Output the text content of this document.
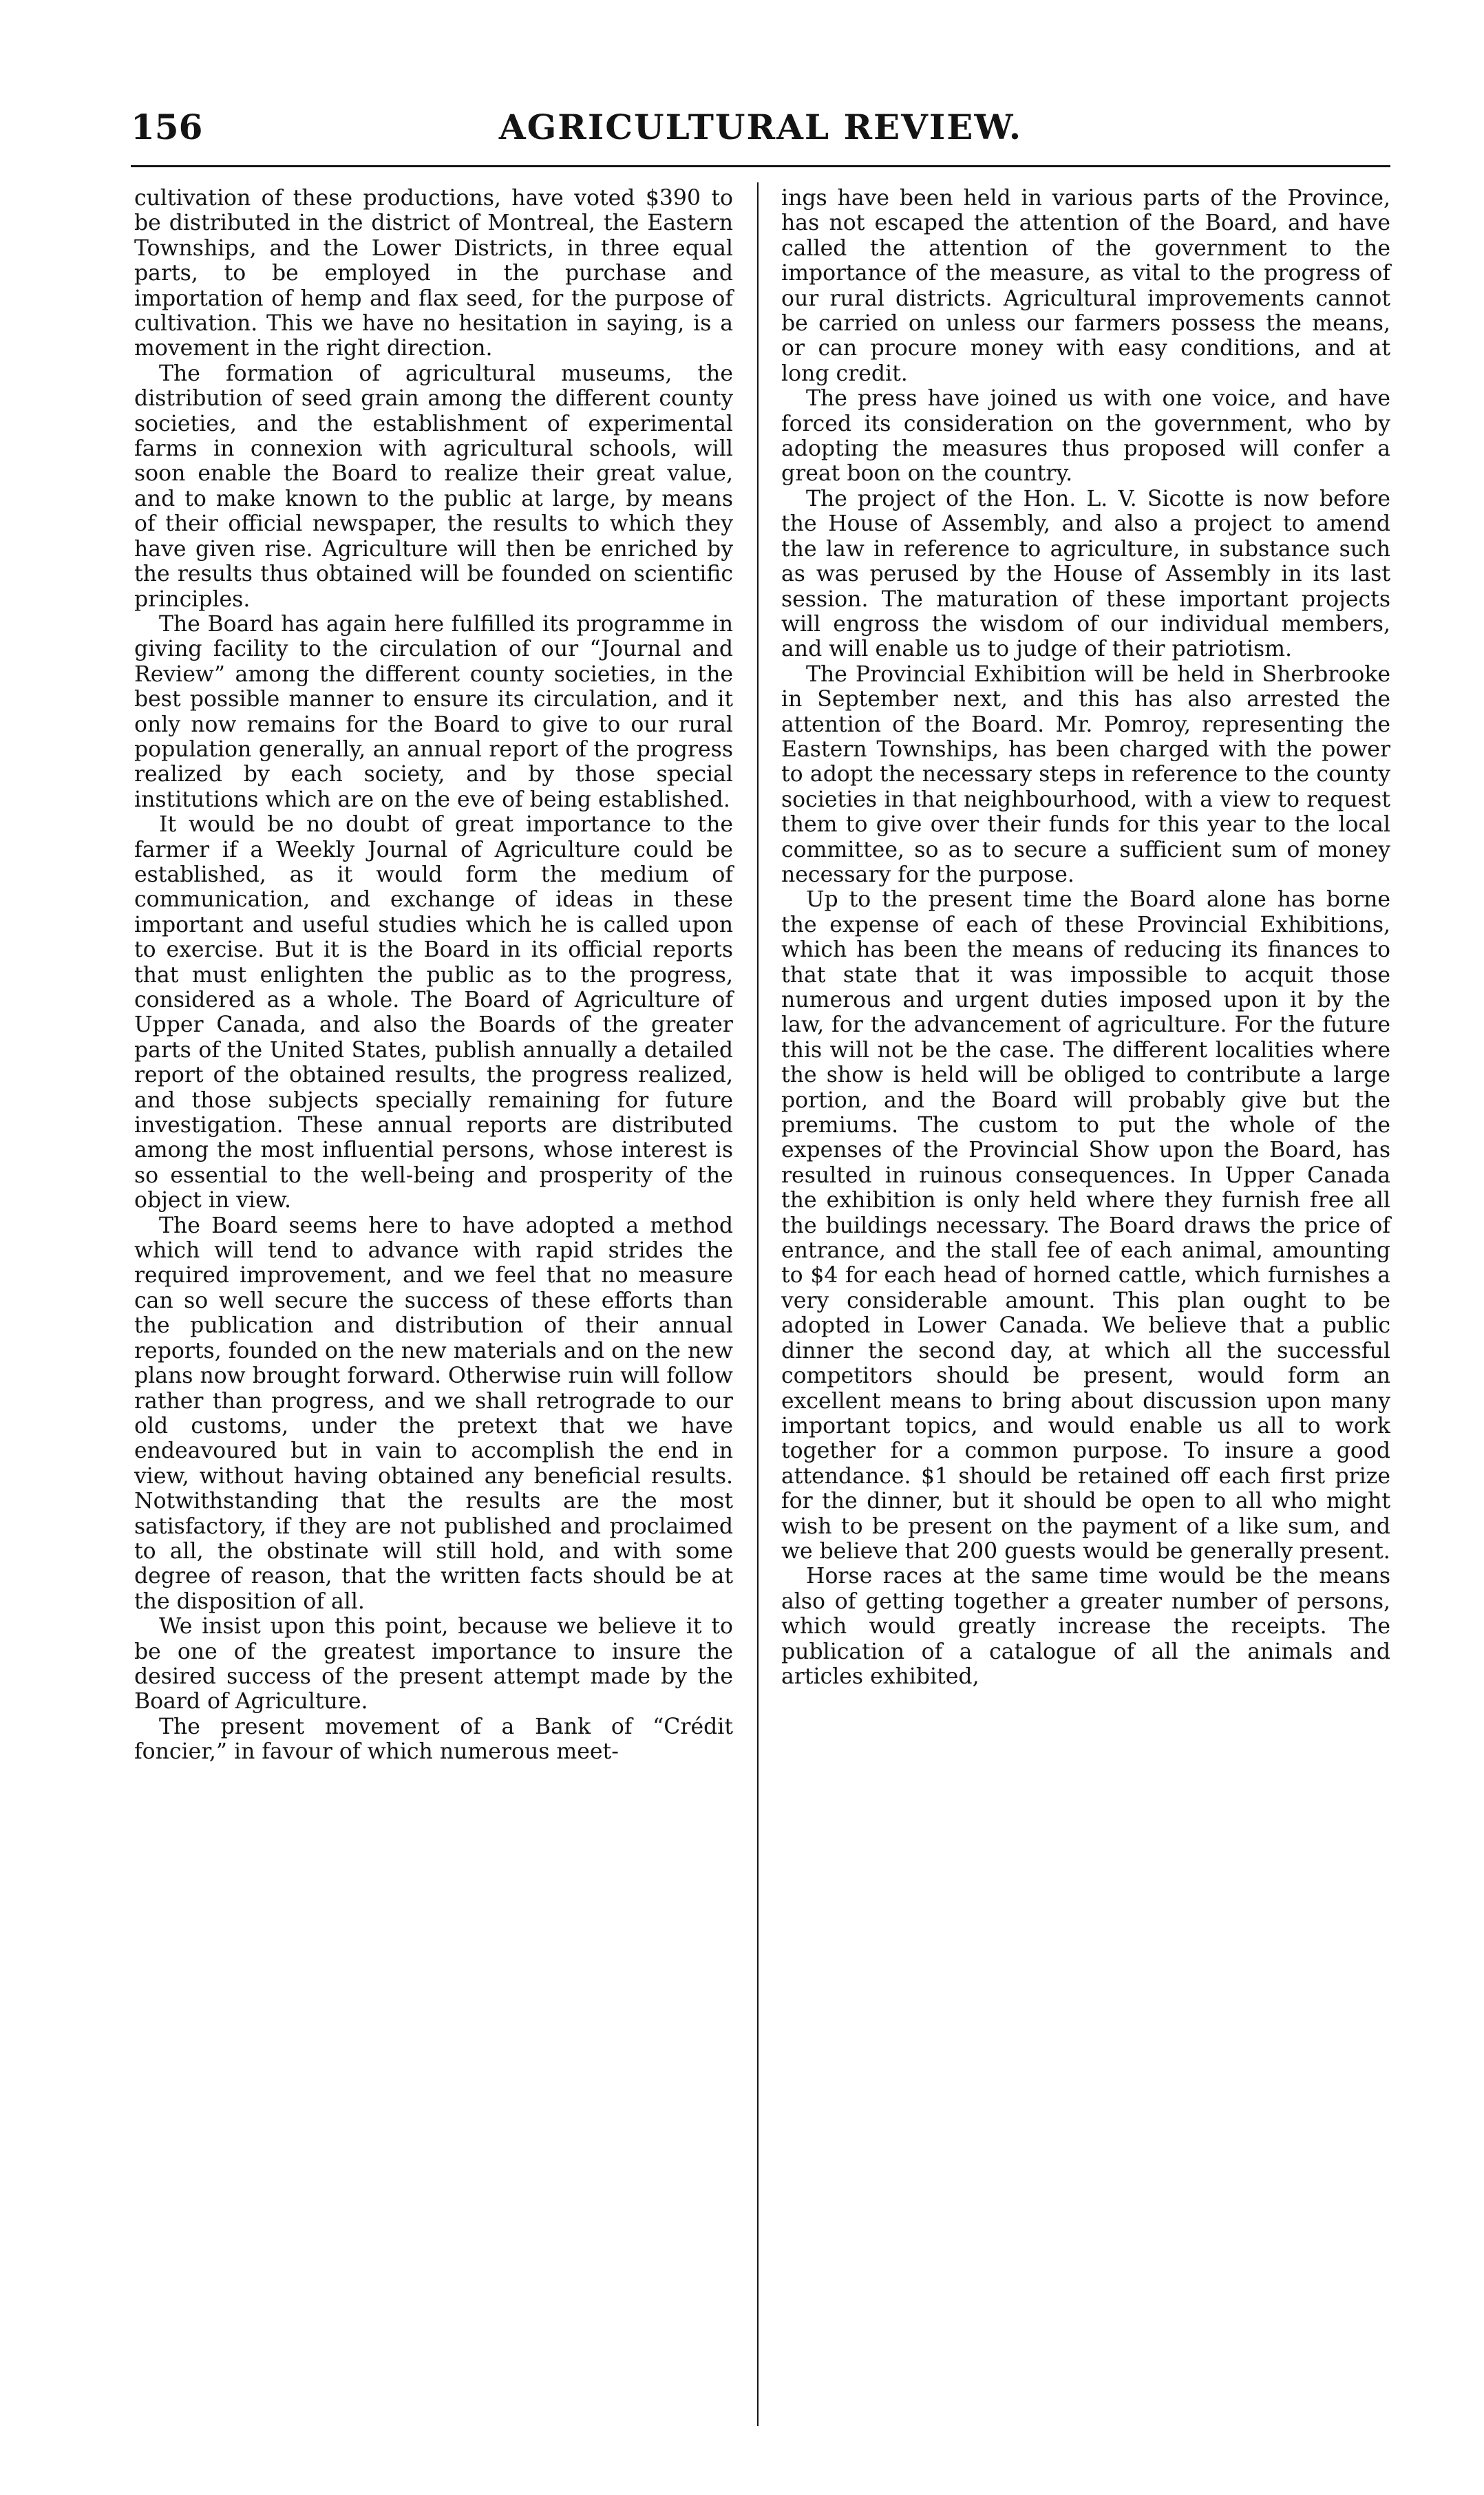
156	AGRICULTURAL REVIEW.

cultivation of these productions, have voted $390 to be distributed in the district of Montreal, the Eastern Townships, and the Lower Districts, in three equal parts, to be employed in the purchase and importation of hemp and flax seed, for the purpose of cultivation. This we have no hesitation in saying, is a movement in the right direction.

The formation of agricultural museums, the distribution of seed grain among the different county societies, and the establishment of experimental farms in connexion with agricultural schools, will soon enable the Board to realize their great value, and to make known to the public at large, by means of their official newspaper, the results to which they have given rise. Agriculture will then be enriched by the results thus obtained will be founded on scientific principles.

The Board has again here fulfilled its programme in giving facility to the circulation of our “Journal and Review” among the different county societies, in the best possible manner to ensure its circulation, and it only now remains for the Board to give to our rural population generally, an annual report of the progress realized by each society, and by those special institutions which are on the eve of being established.

It would be no doubt of great importance to the farmer if a Weekly Journal of Agriculture could be established, as it would form the medium of communication, and exchange of ideas in these important and useful studies which he is called upon to exercise. But it is the Board in its official reports that must enlighten the public as to the progress, considered as a whole. The Board of Agriculture of Upper Canada, and also the Boards of the greater parts of the United States, publish annually a detailed report of the obtained results, the progress realized, and those subjects specially remaining for future investigation. These annual reports are distributed among the most influential persons, whose interest is so essential to the well-being and prosperity of the object in view.

The Board seems here to have adopted a method which will tend to advance with rapid strides the required improvement, and we feel that no measure can so well secure the success of these efforts than the publication and distribution of their annual reports, founded on the new materials and on the new plans now brought forward. Otherwise ruin will follow rather than progress, and we shall retrograde to our old customs, under the pretext that we have endeavoured but in vain to accomplish the end in view, without having obtained any beneficial results. Notwithstanding that the results are the most satisfactory, if they are not published and proclaimed to all, the obstinate will still hold, and with some degree of reason, that the written facts should be at the disposition of all.

We insist upon this point, because we believe it to be one of the greatest importance to insure the desired success of the present attempt made by the Board of Agriculture.

The present movement of a Bank of “Crédit foncier,” in favour of which numerous meet-

ings have been held in various parts of the Province, has not escaped the attention of the Board, and have called the attention of the government to the importance of the measure, as vital to the progress of our rural districts. Agricultural improvements cannot be carried on unless our farmers possess the means, or can procure money with easy conditions, and at long credit.

The press have joined us with one voice, and have forced its consideration on the government, who by adopting the measures thus proposed will confer a great boon on the country.

The project of the Hon. L. V. Sicotte is now before the House of Assembly, and also a project to amend the law in reference to agriculture, in substance such as was perused by the House of Assembly in its last session. The maturation of these important projects will engross the wisdom of our individual members, and will enable us to judge of their patriotism.

The Provincial Exhibition will be held in Sherbrooke in September next, and this has also arrested the attention of the Board. Mr. Pomroy, representing the Eastern Townships, has been charged with the power to adopt the necessary steps in reference to the county societies in that neighbourhood, with a view to request them to give over their funds for this year to the local committee, so as to secure a sufficient sum of money necessary for the purpose.

Up to the present time the Board alone has borne the expense of each of these Provincial Exhibitions, which has been the means of reducing its finances to that state that it was impossible to acquit those numerous and urgent duties imposed upon it by the law, for the advancement of agriculture. For the future this will not be the case. The different localities where the show is held will be obliged to contribute a large portion, and the Board will probably give but the premiums. The custom to put the whole of the expenses of the Provincial Show upon the Board, has resulted in ruinous consequences. In Upper Canada the exhibition is only held where they furnish free all the buildings necessary. The Board draws the price of entrance, and the stall fee of each animal, amounting to $4 for each head of horned cattle, which furnishes a very considerable amount. This plan ought to be adopted in Lower Canada. We believe that a public dinner the second day, at which all the successful competitors should be present, would form an excellent means to bring about discussion upon many important topics, and would enable us all to work together for a common purpose. To insure a good attendance. $1 should be retained off each first prize for the dinner, but it should be open to all who might wish to be present on the payment of a like sum, and we believe that 200 guests would be generally present.

Horse races at the same time would be the means also of getting together a greater number of persons, which would greatly increase the receipts. The publication of a catalogue of all the animals and articles exhibited,
